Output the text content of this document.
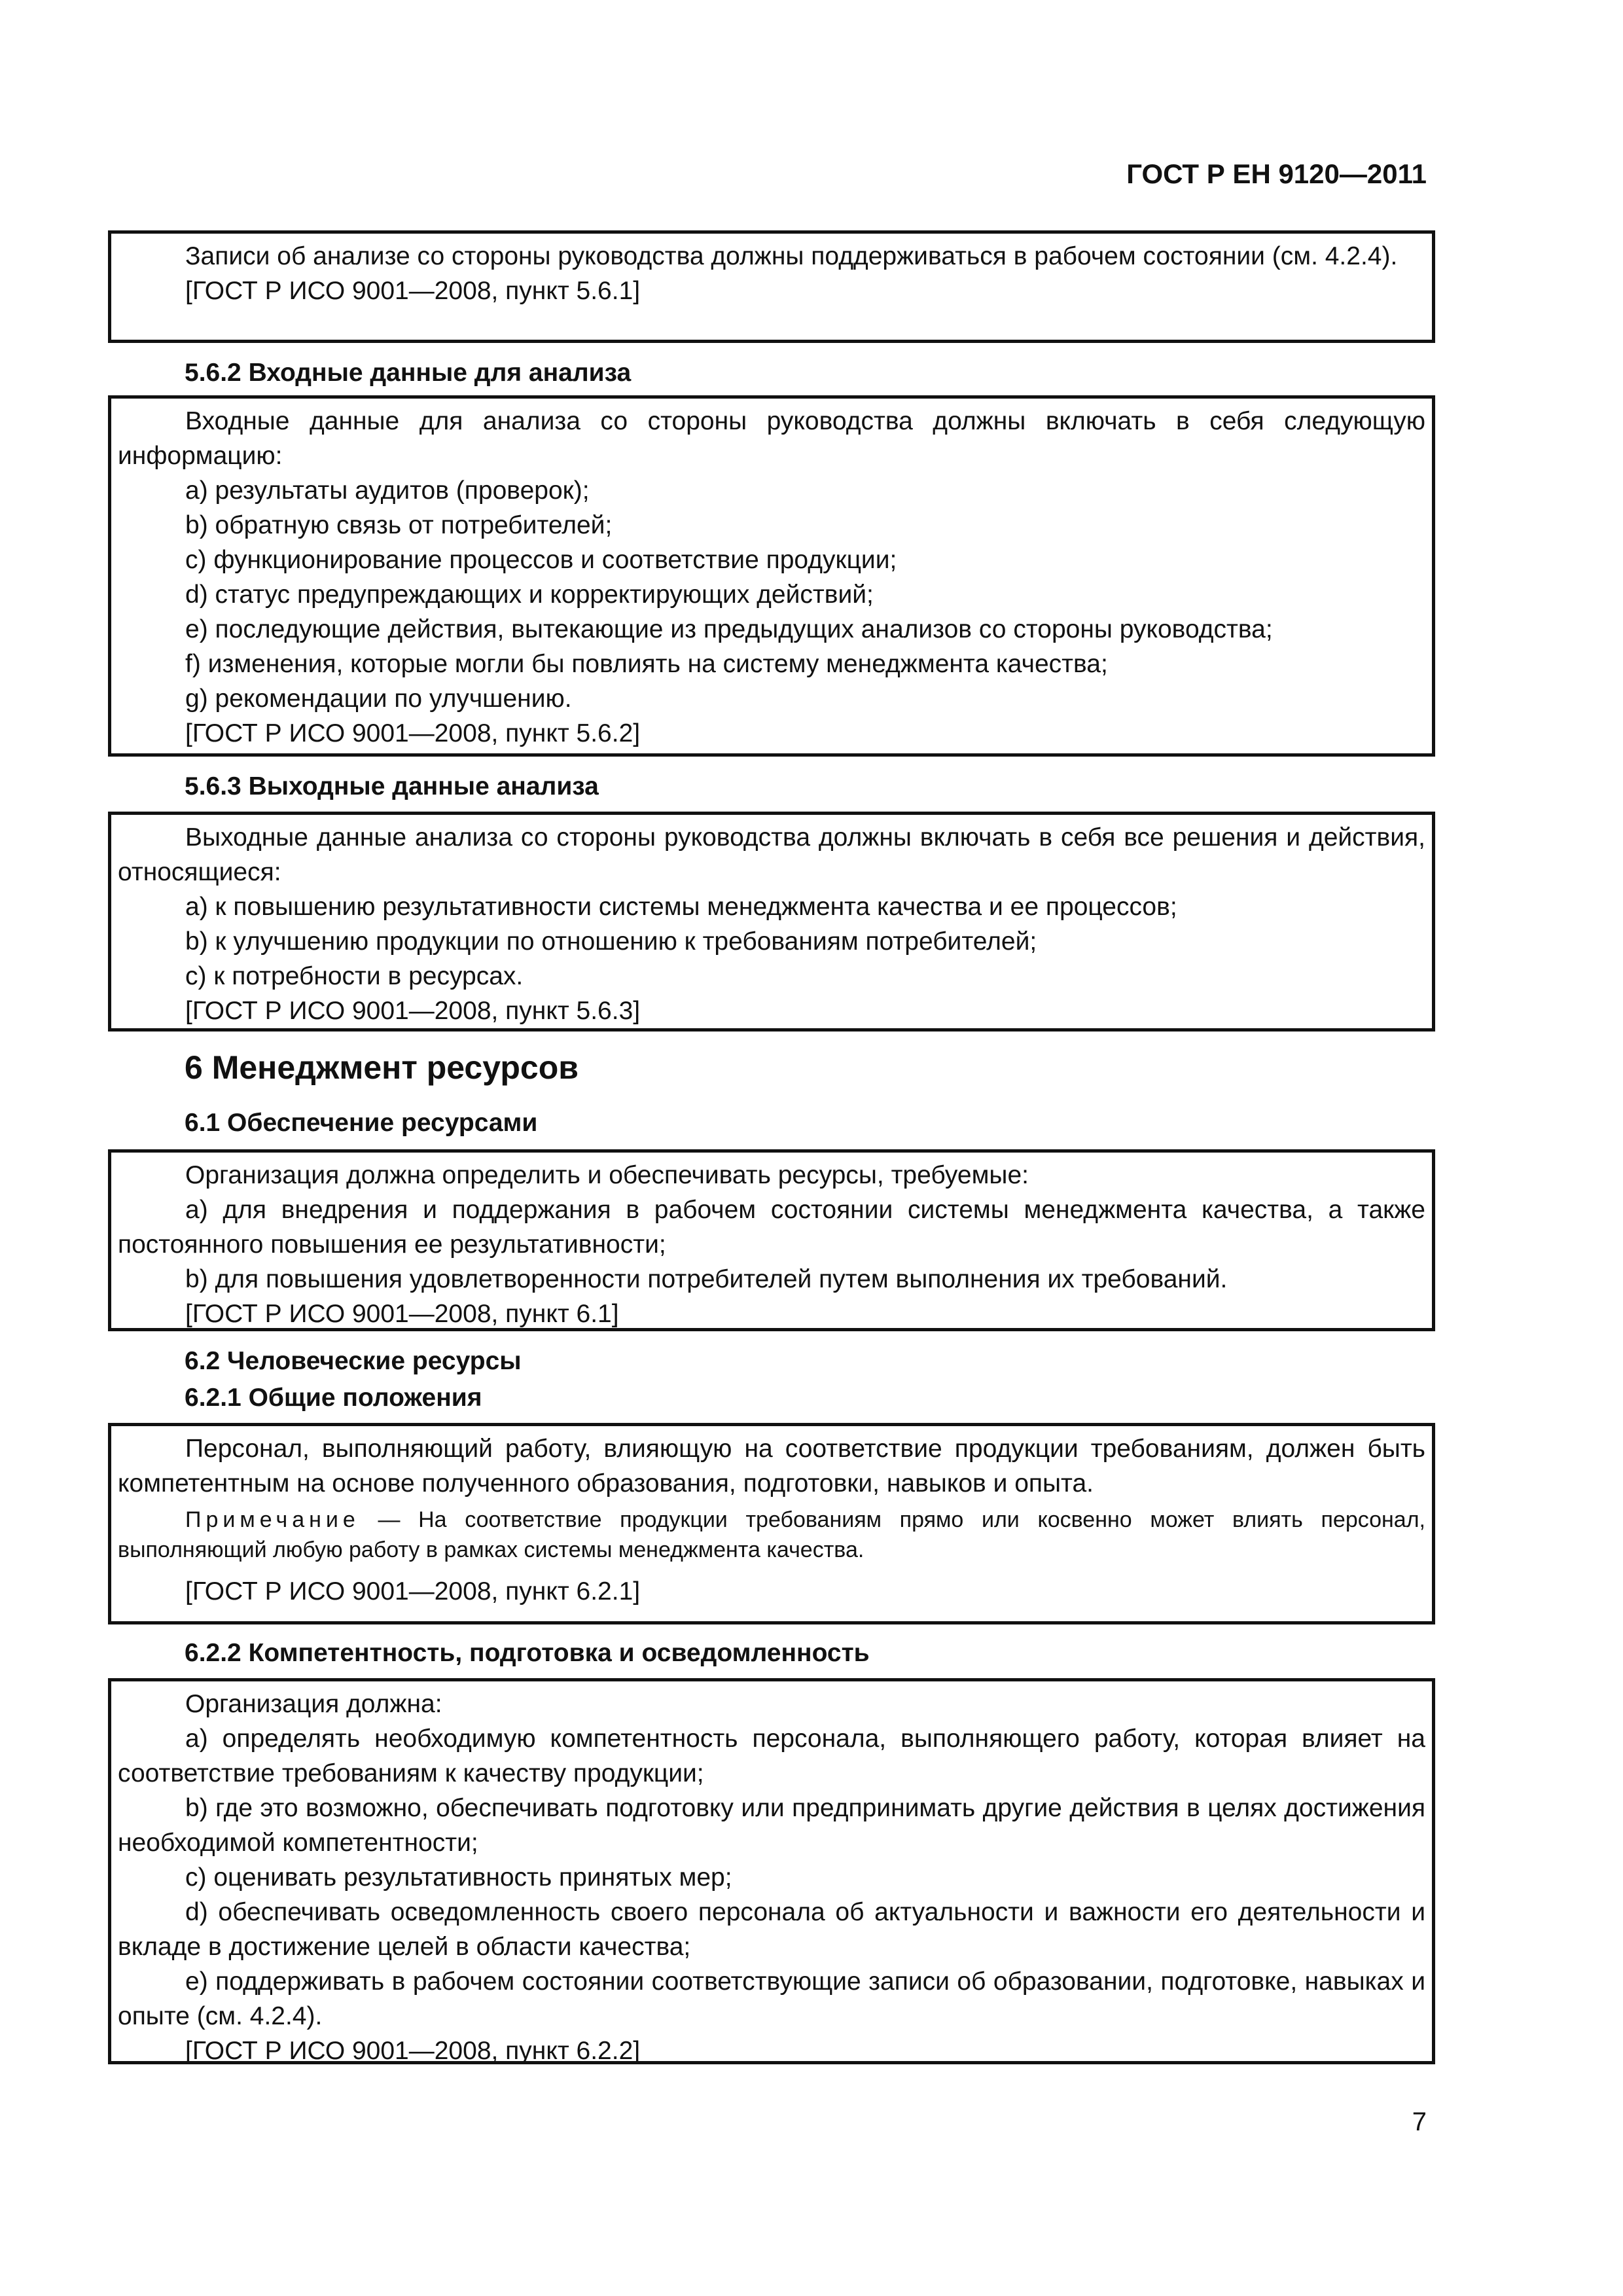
ГОСТ Р ЕН 9120—2011

Записи об анализе со стороны руководства должны поддерживаться в рабочем состоянии (см. 4.2.4).

[ГОСТ Р ИСО 9001—2008, пункт 5.6.1]

5.6.2 Входные данные для анализа

Входные данные для анализа со стороны руководства должны включать в себя следующую информацию:

а) результаты аудитов (проверок);

b) обратную связь от потребителей;

с) функционирование процессов и соответствие продукции;

d) статус предупреждающих и корректирующих действий;

е) последующие действия, вытекающие из предыдущих анализов со стороны руководства;

f) изменения, которые могли бы повлиять на систему менеджмента качества;

g) рекомендации по улучшению.

[ГОСТ Р ИСО 9001—2008, пункт 5.6.2]

5.6.3 Выходные данные анализа

Выходные данные анализа со стороны руководства должны включать в себя все решения и действия, относящиеся:

а) к повышению результативности системы менеджмента качества и ее процессов;

b) к улучшению продукции по отношению к требованиям потребителей;

с) к потребности в ресурсах.

[ГОСТ Р ИСО 9001—2008, пункт 5.6.3]

6 Менеджмент ресурсов
6.1 Обеспечение ресурсами

Организация должна определить и обеспечивать ресурсы, требуемые:

а) для внедрения и поддержания в рабочем состоянии системы менеджмента качества, а также постоянного повышения ее результативности;

b) для повышения удовлетворенности потребителей путем выполнения их требований.

[ГОСТ Р ИСО 9001—2008, пункт 6.1]

6.2 Человеческие ресурсы
6.2.1 Общие положения

Персонал, выполняющий работу, влияющую на соответствие продукции требованиям, должен быть компетентным на основе полученного образования, подготовки, навыков и опыта.

Примечание — На соответствие продукции требованиям прямо или косвенно может влиять персонал, выполняющий любую работу в рамках системы менеджмента качества.

[ГОСТ Р ИСО 9001—2008, пункт 6.2.1]

6.2.2 Компетентность, подготовка и осведомленность

Организация должна:

а) определять необходимую компетентность персонала, выполняющего работу, которая влияет на соответствие требованиям к качеству продукции;

b) где это возможно, обеспечивать подготовку или предпринимать другие действия в целях достижения необходимой компетентности;

с) оценивать результативность принятых мер;

d) обеспечивать осведомленность своего персонала об актуальности и важности его деятельности и вкладе в достижение целей в области качества;

е) поддерживать в рабочем состоянии соответствующие записи об образовании, подготовке, навыках и опыте (см. 4.2.4).

[ГОСТ Р ИСО 9001—2008, пункт 6.2.2]

7
